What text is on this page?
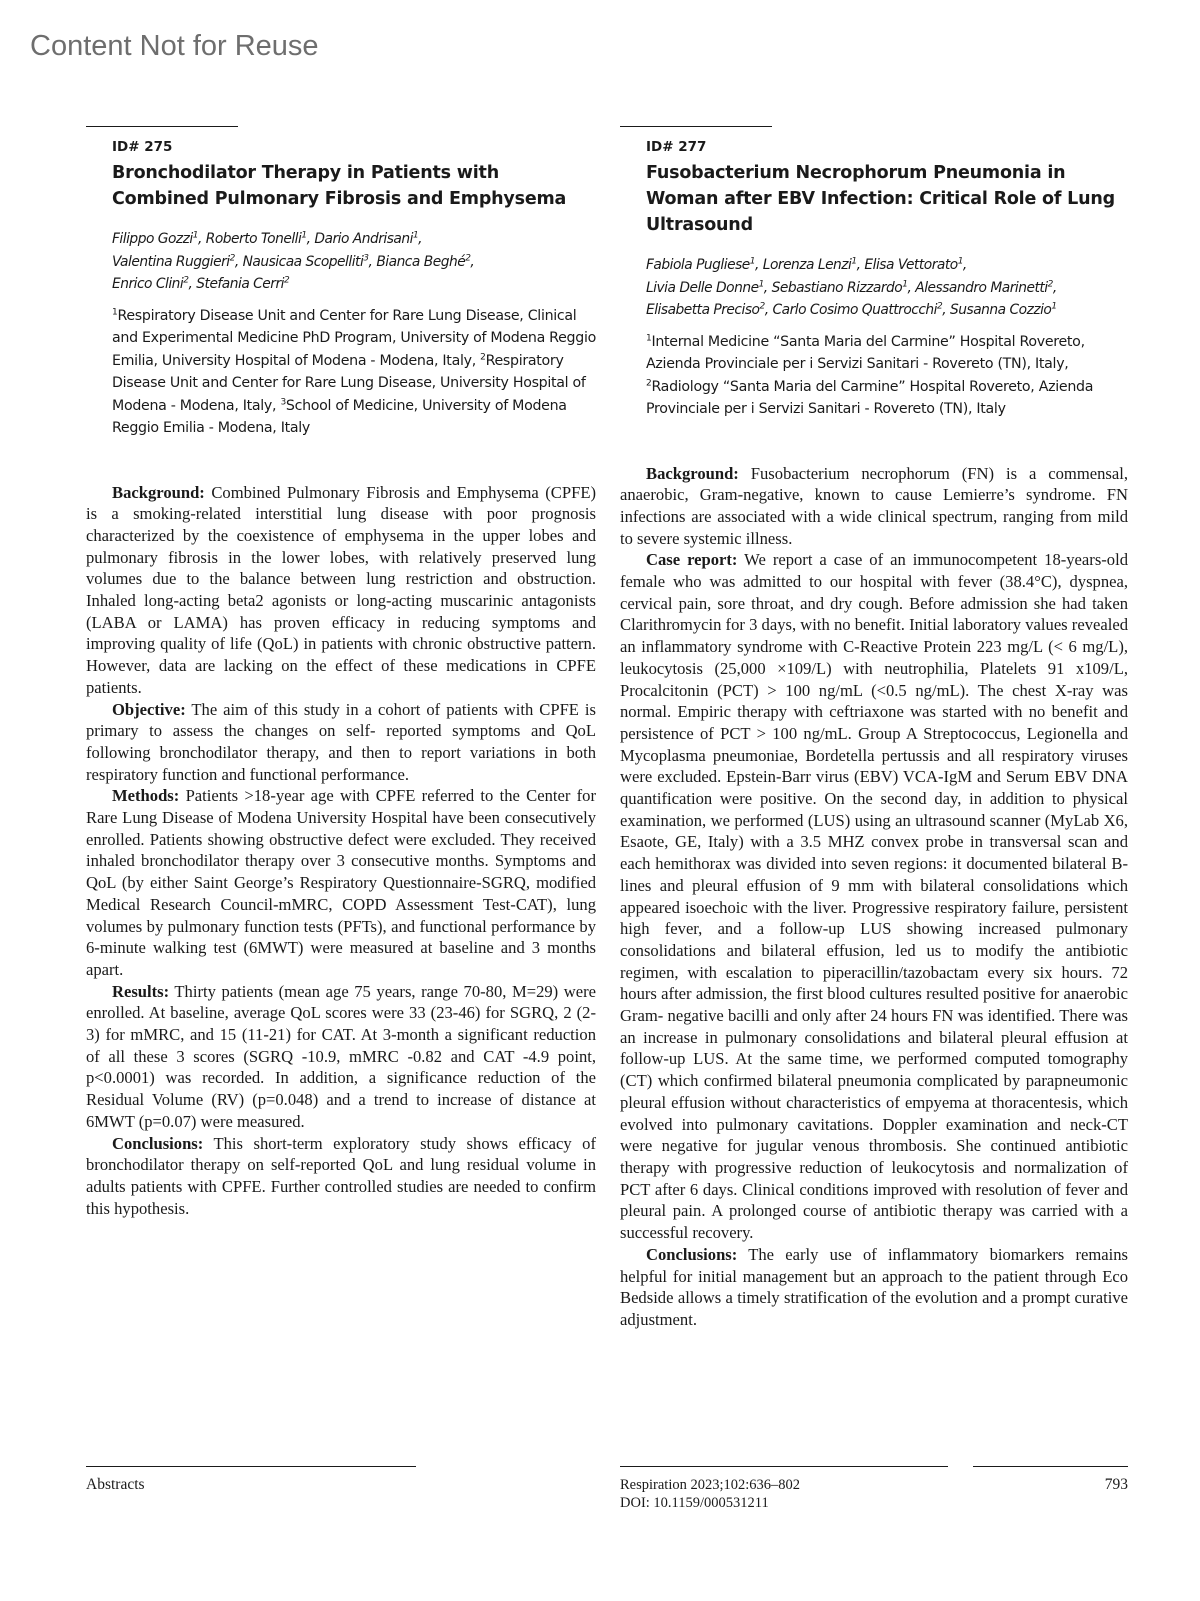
Content Not for Reuse
ID# 275
Bronchodilator Therapy in Patients with Combined Pulmonary Fibrosis and Emphysema
Filippo Gozzi$^1$, Roberto Tonelli$^1$, Dario Andrisani$^1$,
Valentina Ruggieri$^2$, Nausicaa Scopelliti$^3$, Bianca Beghé$^2$,
Enrico Clini$^2$, Stefania Cerri$^2$
$^1$Respiratory Disease Unit and Center for Rare Lung Disease, Clinical and Experimental Medicine PhD Program, University of Modena Reggio Emilia, University Hospital of Modena - Modena, Italy, $^2$Respiratory Disease Unit and Center for Rare Lung Disease, University Hospital of Modena - Modena, Italy, $^3$School of Medicine, University of Modena Reggio Emilia - Modena, Italy

Background: Combined Pulmonary Fibrosis and Emphysema (CPFE) is a smoking-related interstitial lung disease with poor prognosis characterized by the coexistence of emphysema in the upper lobes and pulmonary fibrosis in the lower lobes, with relatively preserved lung volumes due to the balance between lung restriction and obstruction. Inhaled long-acting beta2 agonists or long-acting muscarinic antagonists (LABA or LAMA) has proven efficacy in reducing symptoms and improving quality of life (QoL) in patients with chronic obstructive pattern. However, data are lacking on the effect of these medications in CPFE patients.

Objective: The aim of this study in a cohort of patients with CPFE is primary to assess the changes on self- reported symptoms and QoL following bronchodilator therapy, and then to report variations in both respiratory function and functional performance.

Methods: Patients >18-year age with CPFE referred to the Center for Rare Lung Disease of Modena University Hospital have been consecutively enrolled. Patients showing obstructive defect were excluded. They received inhaled bronchodilator therapy over 3 consecutive months. Symptoms and QoL (by either Saint George’s Respiratory Questionnaire-SGRQ, modified Medical Research Council-mMRC, COPD Assessment Test-CAT), lung volumes by pulmonary function tests (PFTs), and functional performance by 6-minute walking test (6MWT) were measured at baseline and 3 months apart.

Results: Thirty patients (mean age 75 years, range 70-80, M=29) were enrolled. At baseline, average QoL scores were 33 (23-46) for SGRQ, 2 (2-3) for mMRC, and 15 (11-21) for CAT. At 3-month a significant reduction of all these 3 scores (SGRQ -10.9, mMRC -0.82 and CAT -4.9 point, p<0.0001) was recorded. In addition, a significance reduction of the Residual Volume (RV) (p=0.048) and a trend to increase of distance at 6MWT (p=0.07) were measured.

Conclusions: This short-term exploratory study shows efficacy of bronchodilator therapy on self-reported QoL and lung residual volume in adults patients with CPFE. Further controlled studies are needed to confirm this hypothesis.

ID# 277
Fusobacterium Necrophorum Pneumonia in Woman after EBV Infection: Critical Role of Lung Ultrasound
Fabiola Pugliese$^1$, Lorenza Lenzi$^1$, Elisa Vettorato$^1$,
Livia Delle Donne$^1$, Sebastiano Rizzardo$^1$, Alessandro Marinetti$^2$,
Elisabetta Preciso$^2$, Carlo Cosimo Quattrocchi$^2$, Susanna Cozzio$^1$
$^1$Internal Medicine “Santa Maria del Carmine” Hospital Rovereto, Azienda Provinciale per i Servizi Sanitari - Rovereto (TN), Italy, $^2$Radiology “Santa Maria del Carmine” Hospital Rovereto, Azienda Provinciale per i Servizi Sanitari - Rovereto (TN), Italy

Background: Fusobacterium necrophorum (FN) is a commensal, anaerobic, Gram-negative, known to cause Lemierre’s syndrome. FN infections are associated with a wide clinical spectrum, ranging from mild to severe systemic illness.

Case report: We report a case of an immunocompetent 18-years-old female who was admitted to our hospital with fever (38.4°C), dyspnea, cervical pain, sore throat, and dry cough. Before admission she had taken Clarithromycin for 3 days, with no benefit. Initial laboratory values revealed an inflammatory syndrome with C-Reactive Protein 223 mg/L (< 6 mg/L), leukocytosis (25,000 ×109/L) with neutrophilia, Platelets 91 x109/L, Procalcitonin (PCT) > 100 ng/mL (<0.5 ng/mL). The chest X-ray was normal. Empiric therapy with ceftriaxone was started with no benefit and persistence of PCT > 100 ng/mL. Group A Streptococcus, Legionella and Mycoplasma pneumoniae, Bordetella pertussis and all respiratory viruses were excluded. Epstein-Barr virus (EBV) VCA-IgM and Serum EBV DNA quantification were positive. On the second day, in addition to physical examination, we performed (LUS) using an ultrasound scanner (MyLab X6, Esaote, GE, Italy) with a 3.5 MHZ convex probe in transversal scan and each hemithorax was divided into seven regions: it documented bilateral B-lines and pleural effusion of 9 mm with bilateral consolidations which appeared isoechoic with the liver. Progressive respiratory failure, persistent high fever, and a follow-up LUS showing increased pulmonary consolidations and bilateral effusion, led us to modify the antibiotic regimen, with escalation to piperacillin/tazobactam every six hours. 72 hours after admission, the first blood cultures resulted positive for anaerobic Gram- negative bacilli and only after 24 hours FN was identified. There was an increase in pulmonary consolidations and bilateral pleural effusion at follow-up LUS. At the same time, we performed computed tomography (CT) which confirmed bilateral pneumonia complicated by parapneumonic pleural effusion without characteristics of empyema at thoracentesis, which evolved into pulmonary cavitations. Doppler examination and neck-CT were negative for jugular venous thrombosis. She continued antibiotic therapy with progressive reduction of leukocytosis and normalization of PCT after 6 days. Clinical conditions improved with resolution of fever and pleural pain. A prolonged course of antibiotic therapy was carried with a successful recovery.

Conclusions: The early use of inflammatory biomarkers remains helpful for initial management but an approach to the patient through Eco Bedside allows a timely stratification of the evolution and a prompt curative adjustment.

Abstracts	Respiration 2023;102:636–802
DOI: 10.1159/000531211
793
